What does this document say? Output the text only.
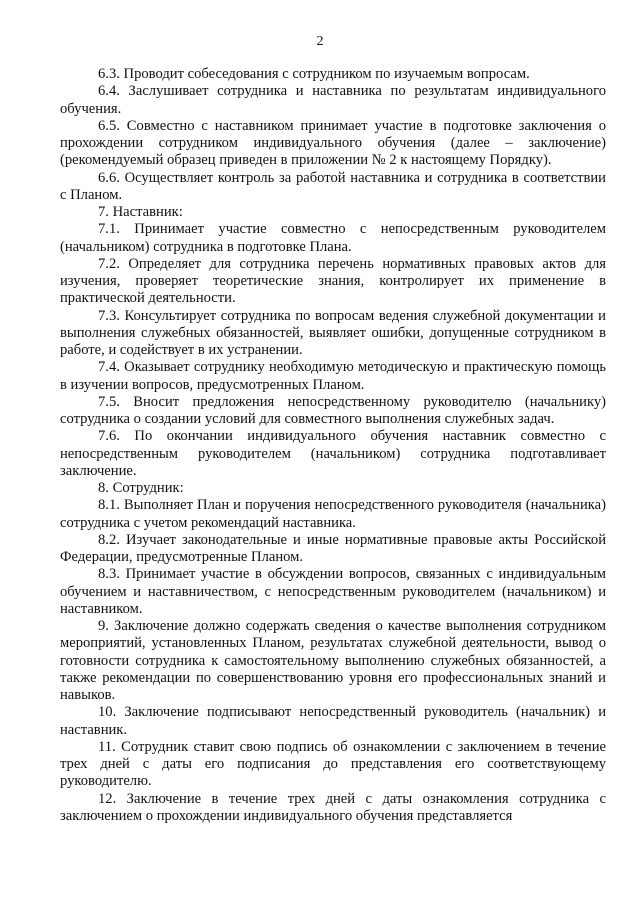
2

6.3. Проводит собеседования с сотрудником по изучаемым вопросам.

6.4. Заслушивает сотрудника и наставника по результатам индивидуального обучения.

6.5. Совместно с наставником принимает участие в подготовке заключения о прохождении сотрудником индивидуального обучения (далее – заключение) (рекомендуемый образец приведен в приложении № 2 к настоящему Порядку).

6.6. Осуществляет контроль за работой наставника и сотрудника в соответствии с Планом.

7. Наставник:

7.1. Принимает участие совместно с непосредственным руководителем (начальником) сотрудника в подготовке Плана.

7.2. Определяет для сотрудника перечень нормативных правовых актов для изучения, проверяет теоретические знания, контролирует их применение в практической деятельности.

7.3. Консультирует сотрудника по вопросам ведения служебной документации и выполнения служебных обязанностей, выявляет ошибки, допущенные сотрудником в работе, и содействует в их устранении.

7.4. Оказывает сотруднику необходимую методическую и практическую помощь в изучении вопросов, предусмотренных Планом.

7.5. Вносит предложения непосредственному руководителю (начальнику) сотрудника о создании условий для совместного выполнения служебных задач.

7.6. По окончании индивидуального обучения наставник совместно с непосредственным руководителем (начальником) сотрудника подготавливает заключение.

8. Сотрудник:

8.1. Выполняет План и поручения непосредственного руководителя (начальника) сотрудника с учетом рекомендаций наставника.

8.2. Изучает законодательные и иные нормативные правовые акты Российской Федерации, предусмотренные Планом.

8.3. Принимает участие в обсуждении вопросов, связанных с индивидуальным обучением и наставничеством, с непосредственным руководителем (начальником) и наставником.

9. Заключение должно содержать сведения о качестве выполнения сотрудником мероприятий, установленных Планом, результатах служебной деятельности, вывод о готовности сотрудника к самостоятельному выполнению служебных обязанностей, а также рекомендации по совершенствованию уровня его профессиональных знаний и навыков.

10. Заключение подписывают непосредственный руководитель (начальник) и наставник.

11. Сотрудник ставит свою подпись об ознакомлении с заключением в течение трех дней с даты его подписания до представления его соответствующему руководителю.

12. Заключение в течение трех дней с даты ознакомления сотрудника с заключением о прохождении индивидуального обучения представляется
